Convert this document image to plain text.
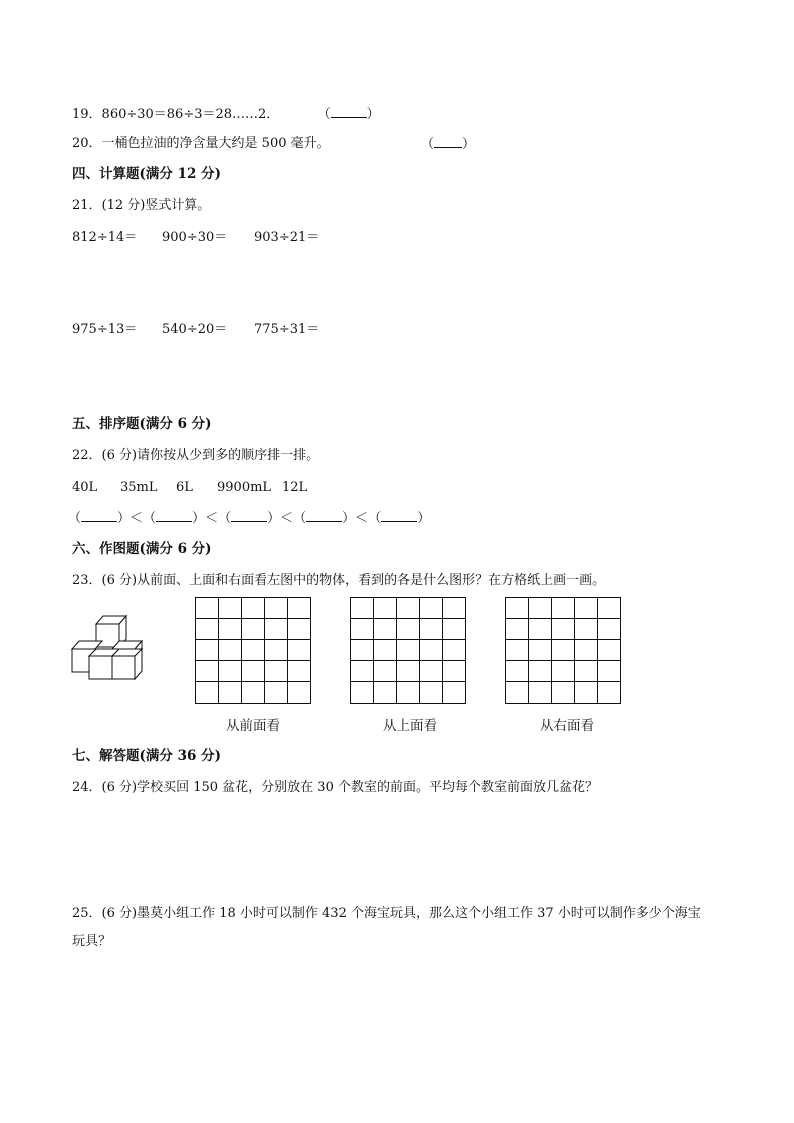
19．860÷30＝86÷3＝28……2．	（	）
20．一桶色拉油的净含量大约是 500 毫升。	（ ）
四、计算题(满分 12 分)
21．(12 分)竖式计算。
812÷14＝ 900÷30＝ 903÷21＝
975÷13＝ 540÷20＝ 775÷31＝
五、排序题(满分 6 分)
22．(6 分)请你按从少到多的顺序排一排。
40L 35mL 6L 9900mL 12L
（	）＜（	）＜（	）＜（	）＜（	）
六、作图题(满分 6 分)
23．(6 分)从前面、上面和右面看左图中的物体，看到的各是什么图形？在方格纸上画一画。
从前面看	从上面看	从右面看
七、解答题(满分 36 分)
24．(6 分)学校买回 150 盆花，分别放在 30 个教室的前面。平均每个教室前面放几盆花？
25．(6 分)墨莫小组工作 18 小时可以制作 432 个海宝玩具，那么这个小组工作 37 小时可以制作多少个海宝
玩具？
